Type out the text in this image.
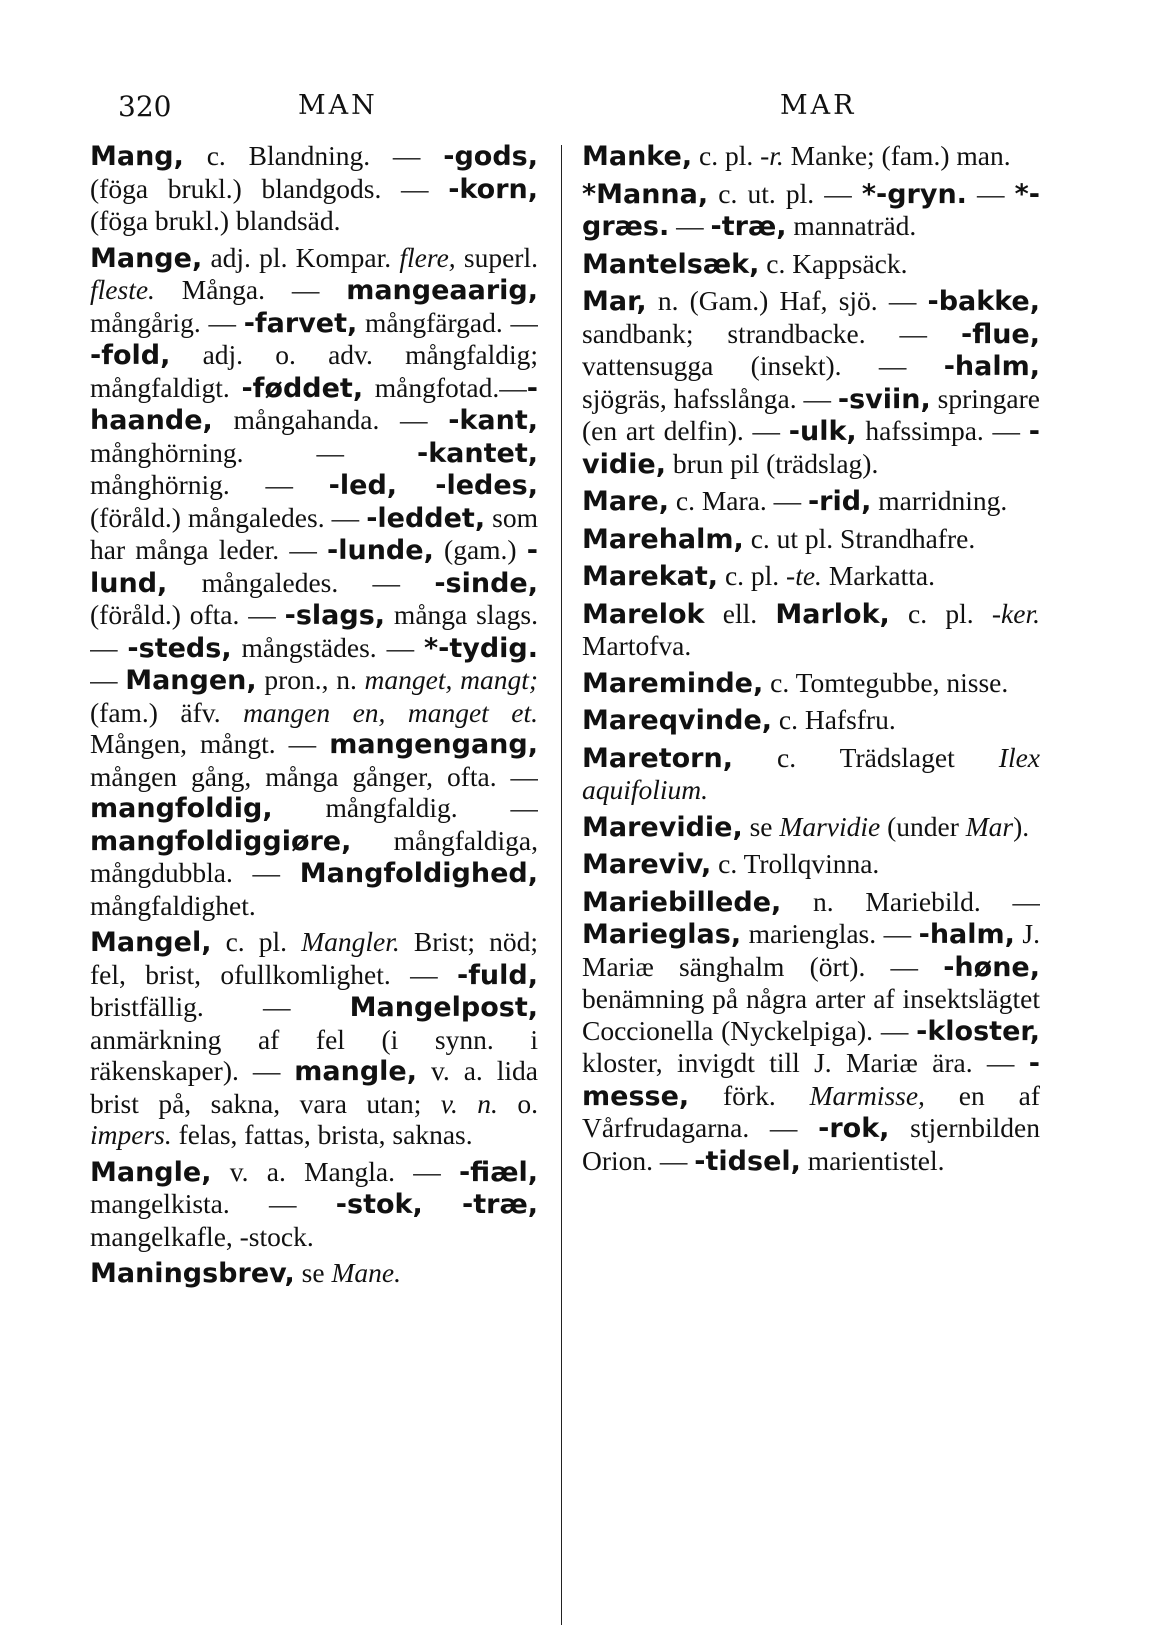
320	MAN	MAR

Mang, c. Blandning. — -gods, (föga brukl.) blandgods. — -korn, (föga brukl.) blandsäd.

Mange, adj. pl. Kompar. flere, superl. fleste. Många. — mangeaarig, mångårig. — -farvet, mångfärgad. — -fold, adj. o. adv. mångfaldig; mångfaldigt. -føddet, mångfotad.—-haande, mångahanda. — -kant, månghörning. — -kantet, månghörnig. — -led, -ledes, (föråld.) mångaledes. — -leddet, som har många leder. — -lunde, (gam.) -lund, mångaledes. — -sinde, (föråld.) ofta. — -slags, många slags. — -steds, mångstädes. — *-tydig. — Mangen, pron., n. manget, mangt; (fam.) äfv. mangen en, manget et. Mången, mångt. — mangengang, mången gång, många gånger, ofta. — mangfoldig, mångfaldig. — mangfoldiggiøre, mångfaldiga, mångdubbla. — Mangfoldighed, mångfaldighet.

Mangel, c. pl. Mangler. Brist; nöd; fel, brist, ofullkomlighet. — -fuld, bristfällig. — Mangelpost, anmärkning af fel (i synn. i räkenskaper). — mangle, v. a. lida brist på, sakna, vara utan; v. n. o. impers. felas, fattas, brista, saknas.

Mangle, v. a. Mangla. — -fiæl, mangelkista. — -stok, -træ, mangelkafle, -stock.

Maningsbrev, se Mane.

Manke, c. pl. -r. Manke; (fam.) man.

*Manna, c. ut. pl. — *-gryn. — *-græs. — -træ, mannaträd.

Mantelsæk, c. Kappsäck.

Mar, n. (Gam.) Haf, sjö. — -bakke, sandbank; strandbacke. — -flue, vattensugga (insekt). — -halm, sjögräs, hafsslånga. — -sviin, springare (en art delfin). — -ulk, hafssimpa. — -vidie, brun pil (trädslag).

Mare, c. Mara. — -rid, marridning.

Marehalm, c. ut pl. Strandhafre.

Marekat, c. pl. -te. Markatta.

Marelok ell. Marlok, c. pl. -ker. Martofva.

Mareminde, c. Tomtegubbe, nisse.

Mareqvinde, c. Hafsfru.

Maretorn, c. Trädslaget Ilex aquifolium.

Marevidie, se Marvidie (under Mar).

Mareviv, c. Trollqvinna.

Mariebillede, n. Mariebild. — Marieglas, marienglas. — -halm, J. Mariæ sänghalm (ört). — -høne, benämning på några arter af insektslägtet Coccionella (Nyckelpiga). — -kloster, kloster, invigdt till J. Mariæ ära. — -messe, förk. Marmisse, en af Vårfrudagarna. — -rok, stjernbilden Orion. — -tidsel, marientistel.
